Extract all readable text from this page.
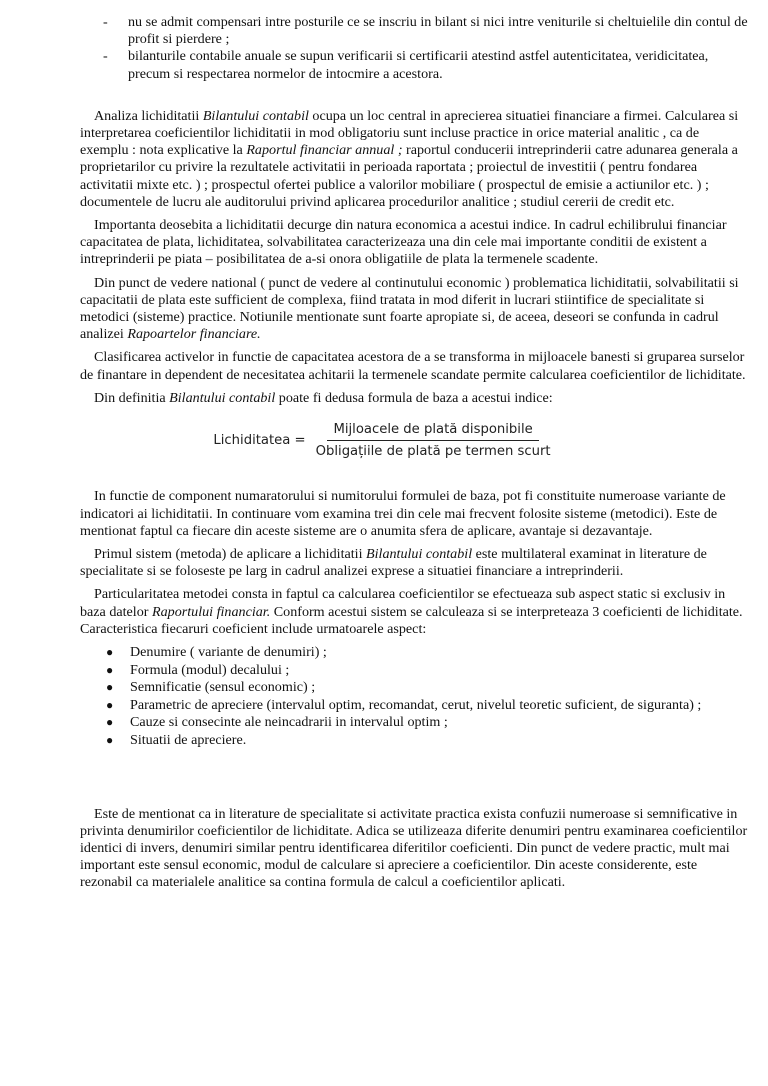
- nu se admit compensari intre posturile ce se inscriu in bilant si nici intre veniturile si cheltuielile din contul de profit si pierdere ;
- bilanturile contabile anuale se supun verificarii si certificarii atestind astfel autenticitatea, veridicitatea, precum si respectarea normelor de intocmire a acestora.

Analiza lichiditatii Bilantului contabil ocupa un loc central in aprecierea situatiei financiare a firmei. Calcularea si interpretarea coeficientilor lichiditatii in mod obligatoriu sunt incluse practice in orice material analitic , ca de exemplu : nota explicative la Raportul financiar annual ; raportul conducerii intreprinderii catre adunarea generala a proprietarilor cu privire la rezultatele activitatii in perioada raportata ; proiectul de investitii ( pentru fondarea activitatii mixte etc. ) ; prospectul ofertei publice a valorilor mobiliare ( prospectul de emisie a actiunilor etc. ) ; documentele de lucru ale auditorului privind aplicarea procedurilor analitice ; studiul cererii de credit etc.

Importanta deosebita a lichiditatii decurge din natura economica a acestui indice. In cadrul echilibrului financiar capacitatea de plata, lichiditatea, solvabilitatea caracterizeaza una din cele mai importante conditii de existent a intreprinderii pe piata – posibilitatea de a-si onora obligatiile de plata la termenele scadente.

Din punct de vedere national ( punct de vedere al continutului economic ) problematica lichiditatii, solvabilitatii si capacitatii de plata este sufficient de complexa, fiind tratata in mod diferit in lucrari stiintifice de specialitate si metodici (sisteme) practice. Notiunile mentionate sunt foarte apropiate si, de aceea, deseori se confunda in cadrul analizei Rapoartelor financiare.

Clasificarea activelor in functie de capacitatea acestora de a se transforma in mijloacele banesti si gruparea surselor de finantare in dependent de necesitatea achitarii la termenele scandate permite calcularea coeficientilor de lichiditate.

Din definitia Bilantului contabil poate fi dedusa formula de baza a acestui indice:

Lichiditatea = $\frac{\text{Mijloacele de plată disponibile}}{\text{Obligațiile de plată pe termen scurt}}$

In functie de component numaratorului si numitorului formulei de baza, pot fi constituite numeroase variante de indicatori ai lichiditatii. In continuare vom examina trei din cele mai frecvent folosite sisteme (metodici). Este de mentionat faptul ca fiecare din aceste sisteme are o anumita sfera de aplicare, avantaje si dezavantaje.

Primul sistem (metoda) de aplicare a lichiditatii Bilantului contabil este multilateral examinat in literature de specialitate si se foloseste pe larg in cadrul analizei exprese a situatiei financiare a intreprinderii.

Particularitatea metodei consta in faptul ca calcularea coeficientilor se efectueaza sub aspect static si exclusiv in baza datelor Raportului financiar. Conform acestui sistem se calculeaza si se interpreteaza 3 coeficienti de lichiditate. Caracteristica fiecaruri coeficient include urmatoarele aspect:

● Denumire ( variante de denumiri) ;
● Formula (modul) decalului ;
● Semnificatie (sensul economic) ;
● Parametric de apreciere (intervalul optim, recomandat, cerut, nivelul teoretic suficient, de siguranta) ;
● Cauze si consecinte ale neincadrarii in intervalul optim ;
● Situatii de apreciere.

Este de mentionat ca in literature de specialitate si activitate practica exista confuzii numeroase si semnificative in privinta denumirilor coeficientilor de lichiditate. Adica se utilizeaza diferite denumiri pentru examinarea coeficientilor identici di invers, denumiri similar pentru identificarea diferitilor coeficienti. Din punct de vedere practic, mult mai important este sensul economic, modul de calculare si apreciere a coeficientilor. Din aceste considerente, este rezonabil ca materialele analitice sa contina formula de calcul a coeficientilor aplicati.
